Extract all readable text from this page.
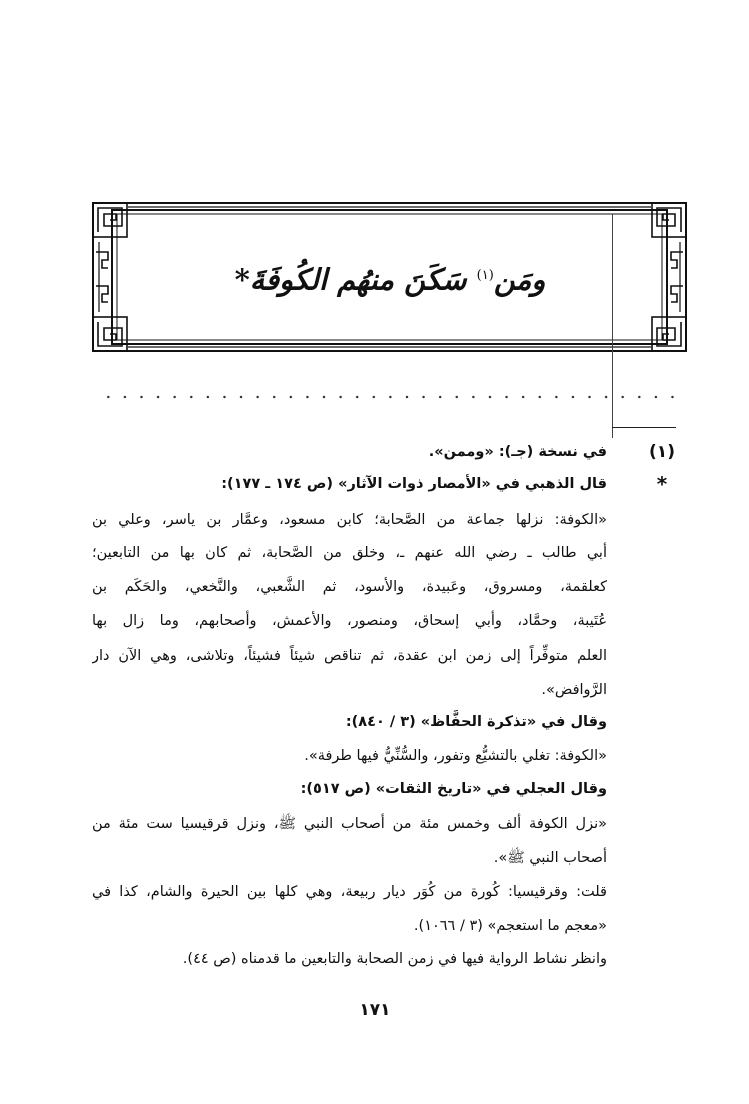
ومَن$^{(١)}$ سَكَنَ منهُم الكُوفَةَ*
(١)
*
في نسخة (جـ): «وممن».
قال الذهبي في «الأمصار ذوات الآثار» (ص ١٧٤ ـ ١٧٧):
«الكوفة: نزلها جماعة من الصَّحابة؛ كابن مسعود، وعمَّار بن ياسر، وعلي بن
أبي طالب ـ رضي الله عنهم ـ، وخلق من الصَّحابة، ثم كان بها من التابعين؛
كعلقمة، ومسروق، وعَبيدة، والأسود، ثم الشَّعبي، والنَّخعي، والحَكَم بن
عُتَيبة، وحمَّاد، وأبي إسحاق، ومنصور، والأعمش، وأصحابهم، وما زال بها
العلم متوفِّراً إلى زمن ابن عقدة، ثم تناقص شيئاً فشيئاً، وتلاشى، وهي الآن دار
الرَّوافض».
وقال في «تذكرة الحفَّاظ» (٣ / ٨٤٠):
«الكوفة: تغلي بالتشيُّع وتفور، والسُّنِّيُّ فيها طرفة».
وقال العجلي في «تاريخ الثقات» (ص ٥١٧):
«نزل الكوفة ألف وخمس مئة من أصحاب النبي ﷺ، ونزل قرقيسيا ست مئة من
أصحاب النبي ﷺ».
قلت: وقرقيسيا: كُورة من كُوَر ديار ربيعة، وهي كلها بين الحيرة والشام، كذا في
«معجم ما استعجم» (٣ / ١٠٦٦).
وانظر نشاط الرواية فيها في زمن الصحابة والتابعين ما قدمناه (ص ٤٤).
١٧١
